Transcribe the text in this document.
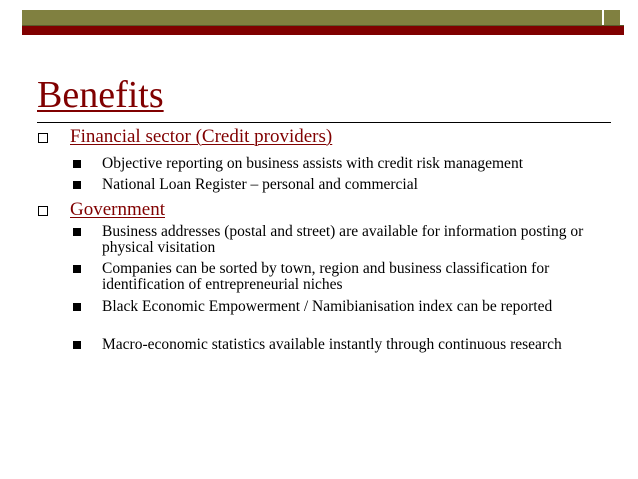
Benefits
Financial sector (Credit providers)
Objective reporting on business assists with credit risk management
National Loan Register – personal and commercial
Government
Business addresses (postal and street) are available for information posting or physical visitation
Companies can be sorted by town, region and business classification for identification of entrepreneurial niches
Black Economic Empowerment / Namibianisation index can be reported
Macro-economic statistics available instantly through continuous research
